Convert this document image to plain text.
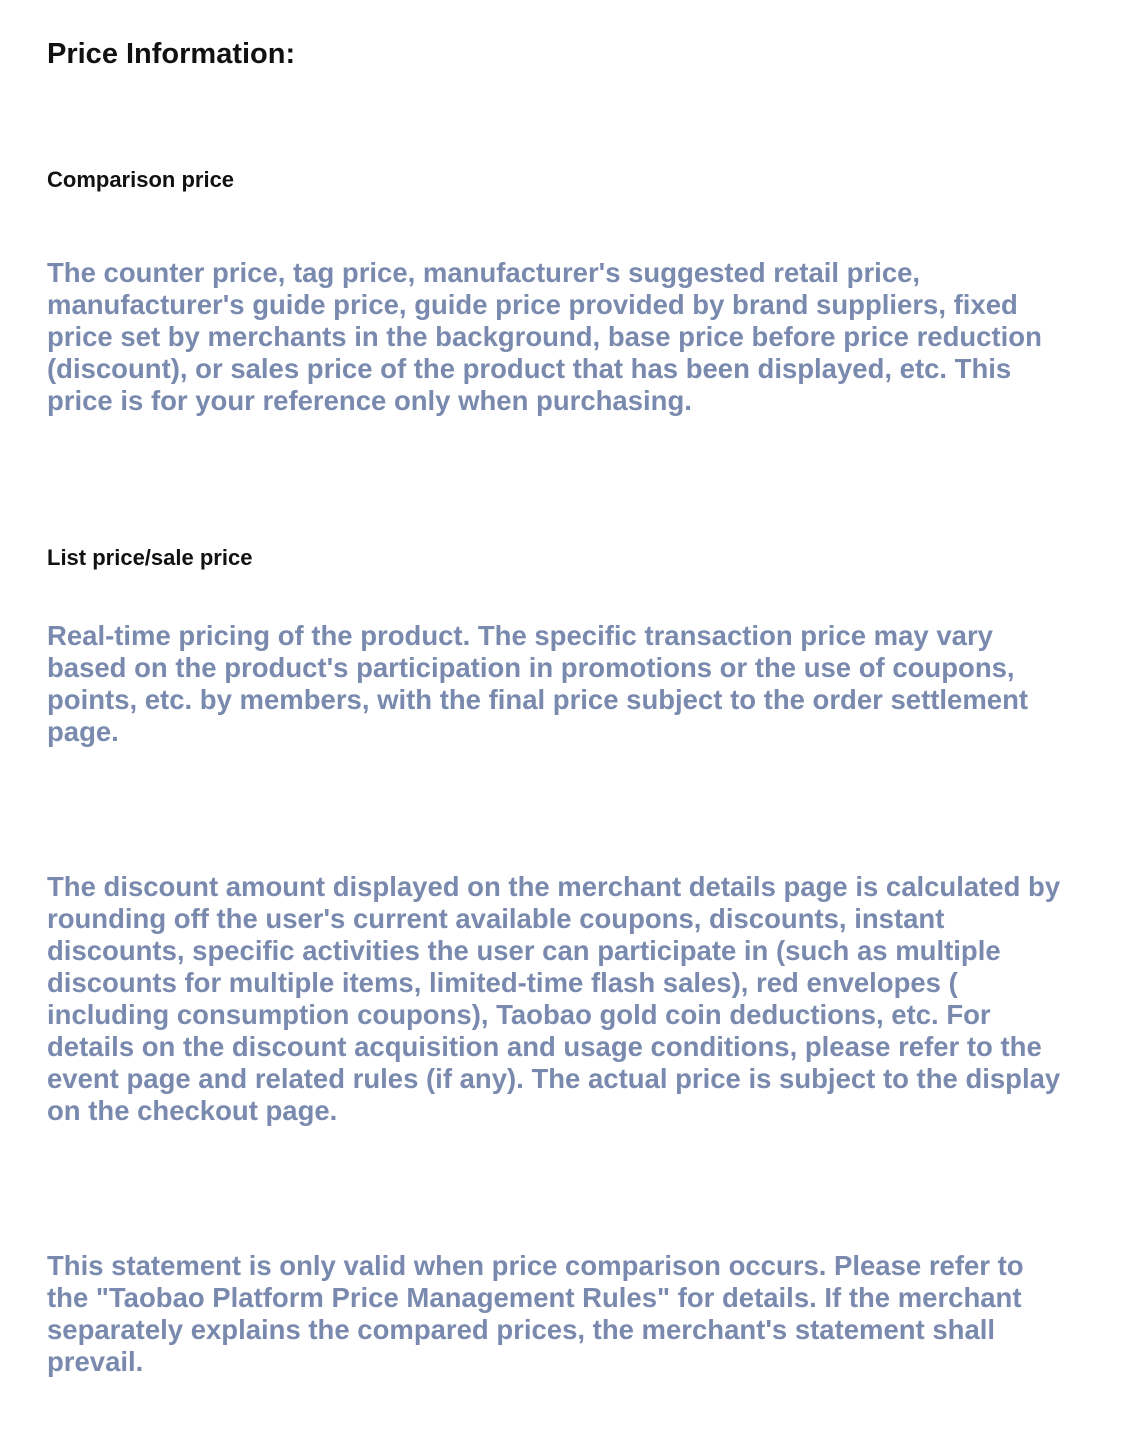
Price Information:
Comparison price

The counter price, tag price, manufacturer's suggested retail price, manufacturer's guide price, guide price provided by brand suppliers, fixed price set by merchants in the background, base price before price reduction (discount), or sales price of the product that has been displayed, etc. This price is for your reference only when purchasing.

List price/sale price

Real-time pricing of the product. The specific transaction price may vary based on the product's participation in promotions or the use of coupons, points, etc. by members, with the final price subject to the order settlement page.

The discount amount displayed on the merchant details page is calculated by rounding off the user's current available coupons, discounts, instant discounts, specific activities the user can participate in (such as multiple discounts for multiple items, limited-time flash sales), red envelopes ( including consumption coupons), Taobao gold coin deductions, etc. For details on the discount acquisition and usage conditions, please refer to the event page and related rules (if any). The actual price is subject to the display on the checkout page.

This statement is only valid when price comparison occurs. Please refer to the "Taobao Platform Price Management Rules" for details. If the merchant separately explains the compared prices, the merchant's statement shall prevail.
